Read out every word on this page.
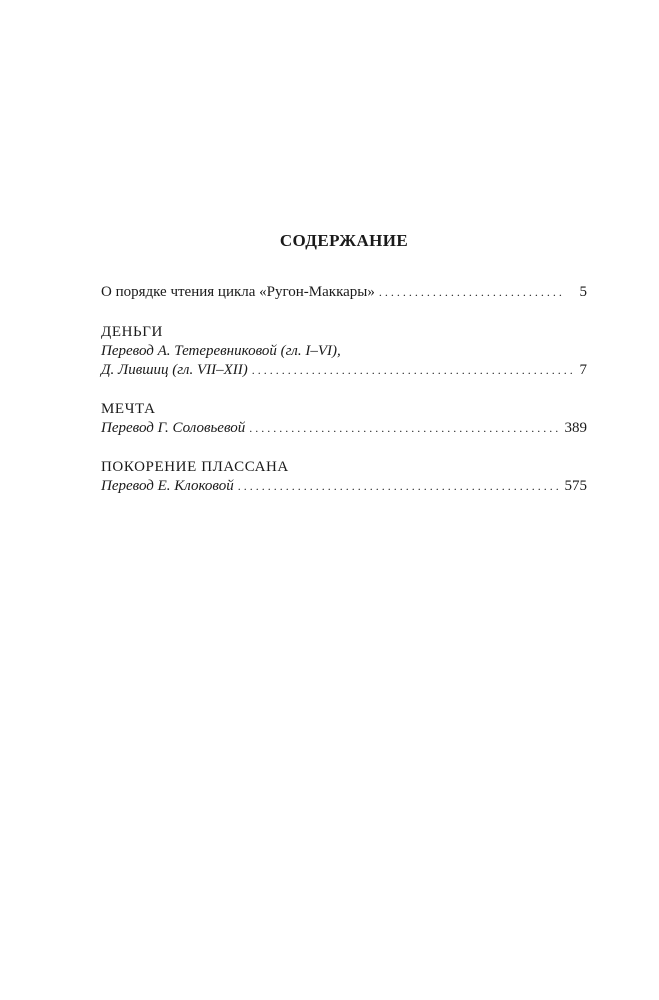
СОДЕРЖАНИЕ
О порядке чтения цикла «Ругон-Маккары» . . .	5
ДЕНЬГИ
Перевод А. Тетеревниковой (гл. I–VI),
Д. Лившиц (гл. VII–XII) . . .	7
МЕЧТА
Перевод Г. Соловьевой . . .	389
ПОКОРЕНИЕ ПЛАССАНА
Перевод Е. Клоковой . . .	575
